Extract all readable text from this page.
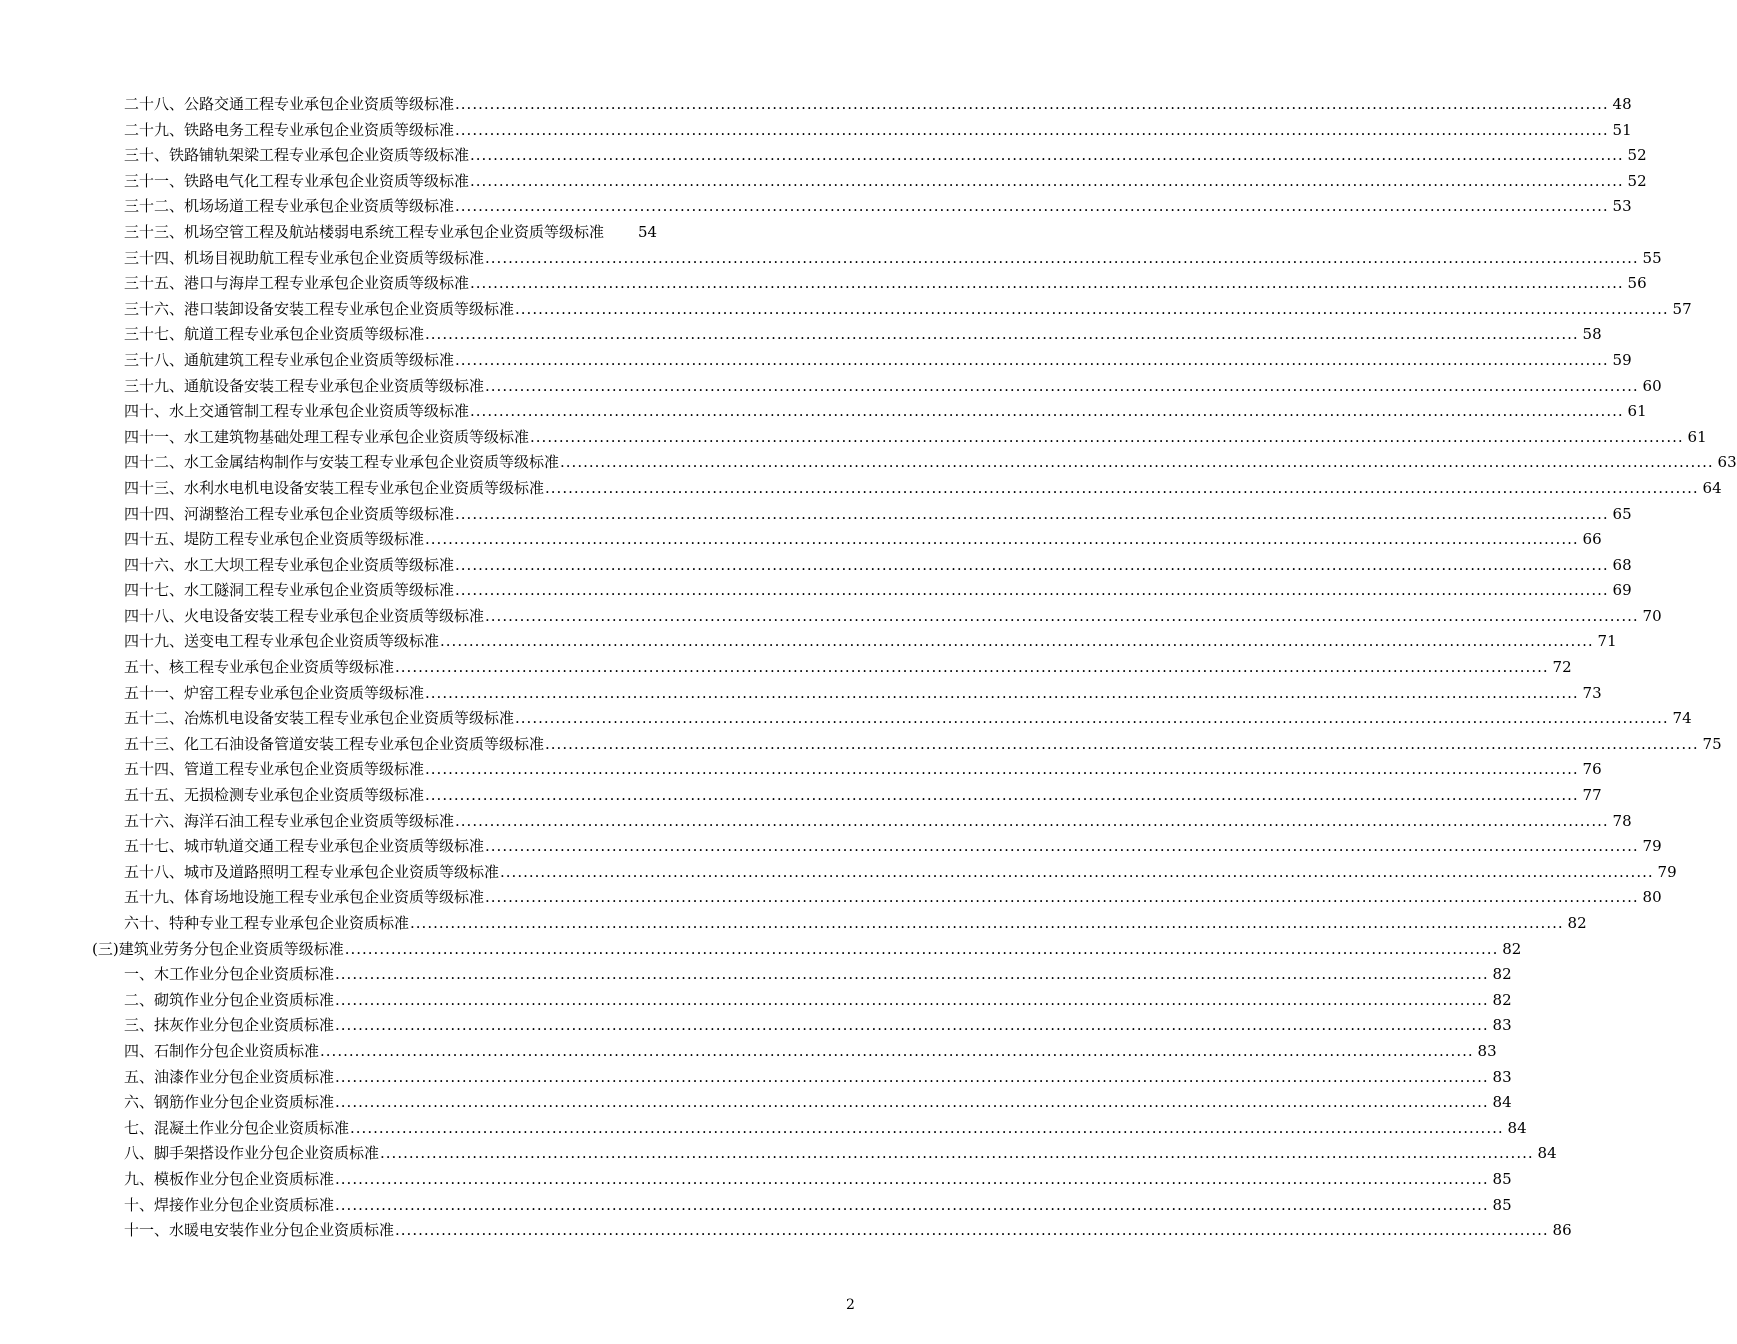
二十八、公路交通工程专业承包企业资质等级标准 ........................................................................................................................................................................................................ 48
二十九、铁路电务工程专业承包企业资质等级标准 ........................................................................................................................................................................................................ 51
三十、铁路铺轨架梁工程专业承包企业资质等级标准 ........................................................................................................................................................................................................ 52
三十一、铁路电气化工程专业承包企业资质等级标准 ........................................................................................................................................................................................................ 52
三十二、机场场道工程专业承包企业资质等级标准 ........................................................................................................................................................................................................ 53
三十三、机场空管工程及航站楼弱电系统工程专业承包企业资质等级标准 54
三十四、机场目视助航工程专业承包企业资质等级标准 ........................................................................................................................................................................................................ 55
三十五、港口与海岸工程专业承包企业资质等级标准 ........................................................................................................................................................................................................ 56
三十六、港口装卸设备安装工程专业承包企业资质等级标准 ........................................................................................................................................................................................................ 57
三十七、航道工程专业承包企业资质等级标准 ........................................................................................................................................................................................................ 58
三十八、通航建筑工程专业承包企业资质等级标准 ........................................................................................................................................................................................................ 59
三十九、通航设备安装工程专业承包企业资质等级标准 ........................................................................................................................................................................................................ 60
四十、水上交通管制工程专业承包企业资质等级标准 ........................................................................................................................................................................................................ 61
四十一、水工建筑物基础处理工程专业承包企业资质等级标准 ........................................................................................................................................................................................................ 61
四十二、水工金属结构制作与安装工程专业承包企业资质等级标准 ........................................................................................................................................................................................................ 63
四十三、水利水电机电设备安装工程专业承包企业资质等级标准 ........................................................................................................................................................................................................ 64
四十四、河湖整治工程专业承包企业资质等级标准 ........................................................................................................................................................................................................ 65
四十五、堤防工程专业承包企业资质等级标准 ........................................................................................................................................................................................................ 66
四十六、水工大坝工程专业承包企业资质等级标准 ........................................................................................................................................................................................................ 68
四十七、水工隧洞工程专业承包企业资质等级标准 ........................................................................................................................................................................................................ 69
四十八、火电设备安装工程专业承包企业资质等级标准 ........................................................................................................................................................................................................ 70
四十九、送变电工程专业承包企业资质等级标准 ........................................................................................................................................................................................................ 71
五十、核工程专业承包企业资质等级标准 ........................................................................................................................................................................................................ 72
五十一、炉窑工程专业承包企业资质等级标准 ........................................................................................................................................................................................................ 73
五十二、冶炼机电设备安装工程专业承包企业资质等级标准 ........................................................................................................................................................................................................ 74
五十三、化工石油设备管道安装工程专业承包企业资质等级标准 ........................................................................................................................................................................................................ 75
五十四、管道工程专业承包企业资质等级标准 ........................................................................................................................................................................................................ 76
五十五、无损检测专业承包企业资质等级标准 ........................................................................................................................................................................................................ 77
五十六、海洋石油工程专业承包企业资质等级标准 ........................................................................................................................................................................................................ 78
五十七、城市轨道交通工程专业承包企业资质等级标准 ........................................................................................................................................................................................................ 79
五十八、城市及道路照明工程专业承包企业资质等级标准 ........................................................................................................................................................................................................ 79
五十九、体育场地设施工程专业承包企业资质等级标准 ........................................................................................................................................................................................................ 80
六十、特种专业工程专业承包企业资质标准 ........................................................................................................................................................................................................ 82
(三)建筑业劳务分包企业资质等级标准 ........................................................................................................................................................................................................ 82
一、木工作业分包企业资质标准 ........................................................................................................................................................................................................ 82
二、砌筑作业分包企业资质标准 ........................................................................................................................................................................................................ 82
三、抹灰作业分包企业资质标准 ........................................................................................................................................................................................................ 83
四、石制作分包企业资质标准 ........................................................................................................................................................................................................ 83
五、油漆作业分包企业资质标准 ........................................................................................................................................................................................................ 83
六、钢筋作业分包企业资质标准 ........................................................................................................................................................................................................ 84
七、混凝土作业分包企业资质标准 ........................................................................................................................................................................................................ 84
八、脚手架搭设作业分包企业资质标准 ........................................................................................................................................................................................................ 84
九、模板作业分包企业资质标准 ........................................................................................................................................................................................................ 85
十、焊接作业分包企业资质标准 ........................................................................................................................................................................................................ 85
十一、水暖电安装作业分包企业资质标准 ........................................................................................................................................................................................................ 86
2
